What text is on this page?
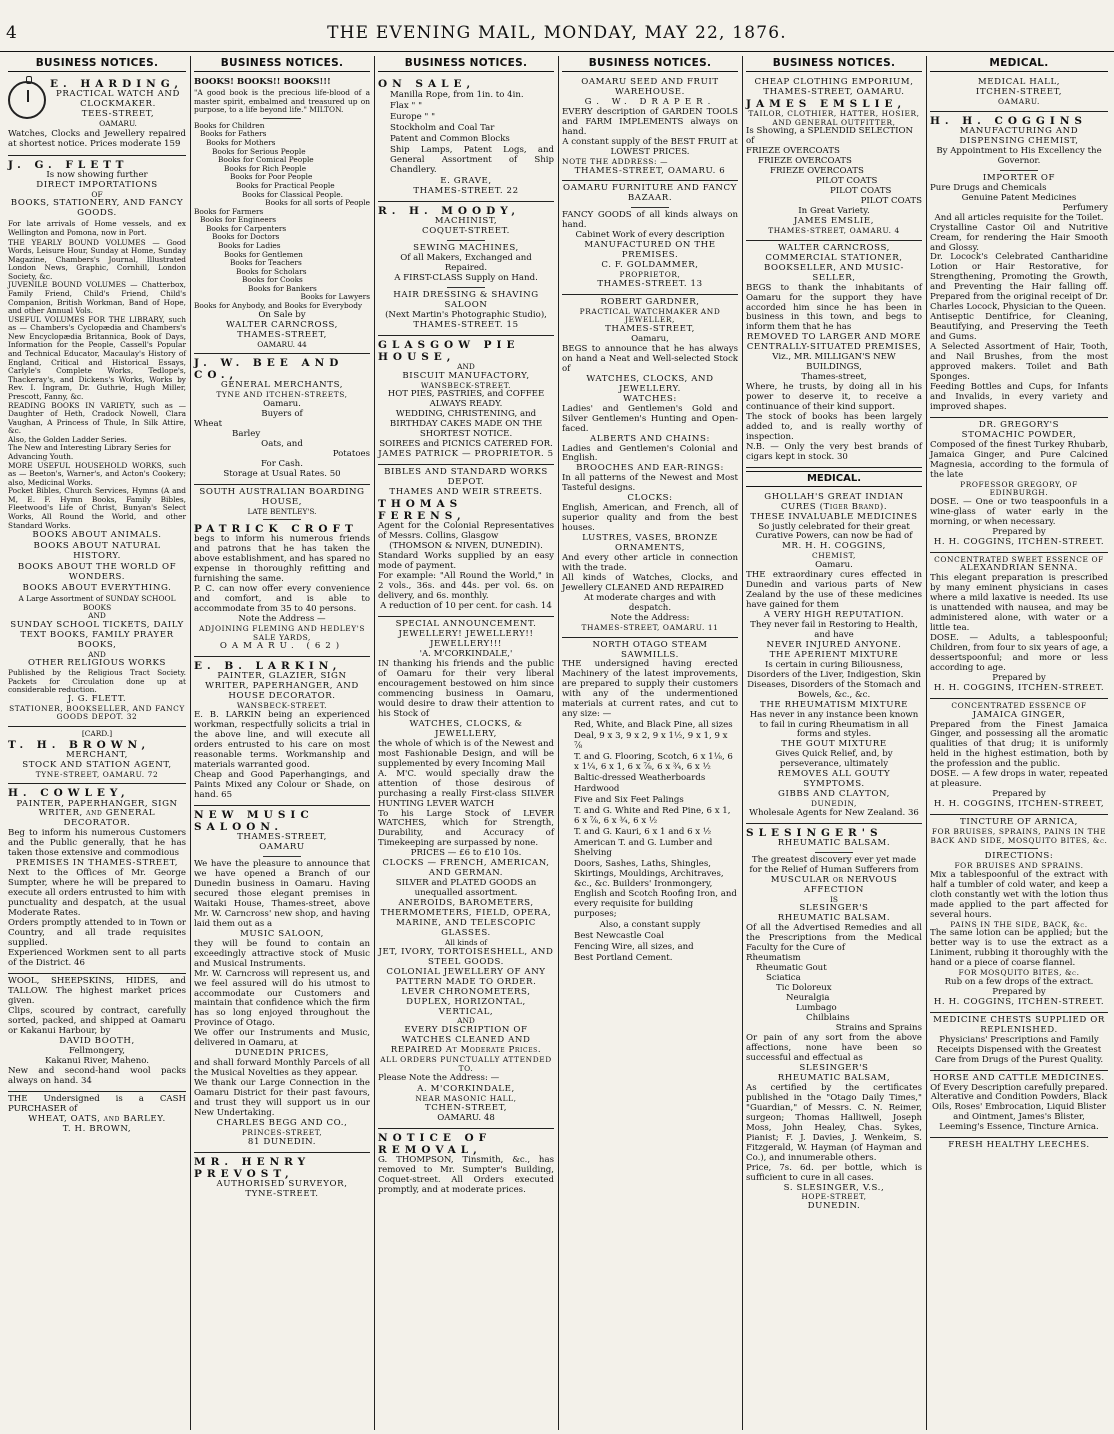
4	THE EVENING MAIL, MONDAY, MAY 22, 1876.
BUSINESS NOTICES.
E. HARDING,
PRACTICAL WATCH AND CLOCKMAKER.
TEES-STREET,
OAMARU.
Watches, Clocks and Jewellery repaired at shortest notice. Prices moderate 159
J. G. FLETT
Is now showing further
DIRECT IMPORTATIONS
OF
BOOKS, STATIONERY, AND FANCY GOODS.
For late arrivals of Home vessels, and ex Wellington and Pomona, now in Port.
THE YEARLY BOUND VOLUMES — Good Words, Leisure Hour, Sunday at Home, Sunday Magazine, Chambers's Journal, Illustrated London News, Graphic, Cornhill, London Society, &c.
JUVENILE BOUND VOLUMES — Chatterbox, Family Friend, Child's Friend, Child's Companion, British Workman, Band of Hope, and other Annual Vols.
USEFUL VOLUMES FOR THE LIBRARY, such as — Chambers's Cyclopædia and Chambers's New Encyclopædia Britannica, Book of Days, Information for the People, Cassell's Popular and Technical Educator, Macaulay's History of England, Critical and Historical Essays, Carlyle's Complete Works, Tedlope's, Thackeray's, and Dickens's Works, Works by Rev. I. Ingram, Dr. Guthrie, Hugh Miller, Prescott, Fanny, &c.
READING BOOKS IN VARIETY, such as — Daughter of Heth, Cradock Nowell, Clara Vaughan, A Princess of Thule, In Silk Attire, &c.
Also, the Golden Ladder Series.
The New and Interesting Library Series for Advancing Youth.
MORE USEFUL HOUSEHOLD WORKS, such as — Beeton's, Warner's, and Acton's Cookery; also, Medicinal Works.
Pocket Bibles, Church Services, Hymns (A and M, E. F. Hymn Books, Family Bibles, Fleetwood's Life of Christ, Bunyan's Select Works, All Round the World, and other Standard Works.
BOOKS ABOUT ANIMALS.
BOOKS ABOUT NATURAL HISTORY.
BOOKS ABOUT THE WORLD OF WONDERS.
BOOKS ABOUT EVERYTHING.
A Large Assortment of SUNDAY SCHOOL BOOKS
AND
SUNDAY SCHOOL TICKETS, DAILY TEXT BOOKS, FAMILY PRAYER BOOKS,
AND
OTHER RELIGIOUS WORKS
Published by the Religious Tract Society. Packets for Circulation done up at considerable reduction.
J. G. FLETT.
STATIONER, BOOKSELLER, AND FANCY GOODS DEPOT. 32
[CARD.]
T. H. BROWN,
MERCHANT,
STOCK AND STATION AGENT,
TYNE-STREET, OAMARU. 72
H. COWLEY,
PAINTER, PAPERHANGER, SIGN WRITER, and GENERAL DECORATOR.
Beg to inform his numerous Customers and the Public generally, that he has taken those extensive and commodious
PREMISES IN THAMES-STREET,
Next to the Offices of Mr. George Sumpter, where he will be prepared to execute all orders entrusted to him with punctuality and despatch, at the usual Moderate Rates.
Orders promptly attended to in Town or Country, and all trade requisites supplied.
Experienced Workmen sent to all parts of the District. 46
WOOL, SHEEPSKINS, HIDES, and TALLOW. The highest market prices given.
Clips, scoured by contract, carefully sorted, packed, and shipped at Oamaru or Kakanui Harbour, by
DAVID BOOTH,
Fellmongery,
Kakanui River, Maheno.
New and second-hand wool packs always on hand. 34
THE Undersigned is a CASH PURCHASER of
WHEAT, OATS, and BARLEY.
T. H. BROWN,
BUSINESS NOTICES.
BOOKS! BOOKS!! BOOKS!!!
"A good book is the precious life-blood of a master spirit, embalmed and treasured up on purpose, to a life beyond life." MILTON.
Books for Children
Books for Fathers
Books for Mothers
Books for Serious People
Books for Comical People
Books for Rich People
Books for Poor People
Books for Practical People
Books for Classical People.
Books for all sorts of People
Books for Farmers
Books for Engineers
Books for Carpenters
Books for Doctors
Books for Ladies
Books for Gentlemen
Books for Teachers
Books for Scholars
Books for Cooks
Books for Bankers
Books for Lawyers
Books for Anybody, and Books for Everybody
On Sale by
WALTER CARNCROSS,
THAMES-STREET,
OAMARU. 44
J. W. BEE AND CO.,
GENERAL MERCHANTS,
TYNE AND ITCHEN-STREETS,
Oamaru.
Buyers of
Wheat
Barley
Oats, and
Potatoes
For Cash.
Storage at Usual Rates. 50
SOUTH AUSTRALIAN BOARDING HOUSE,
LATE BENTLEY'S.
PATRICK CROFT
begs to inform his numerous friends and patrons that he has taken the above establishment, and has spared no expense in thoroughly refitting and furnishing the same.
P. C. can now offer every convenience and comfort, and is able to accommodate from 35 to 40 persons.
Note the Address —
ADJOINING FLEMING AND HEDLEY'S SALE YARDS,
OAMARU. (62)
E. B. LARKIN,
PAINTER, GLAZIER, SIGN WRITER, PAPERHANGER, AND HOUSE DECORATOR.
WANSBECK-STREET.
E. B. LARKIN being an experienced workman, respectfully solicits a trial in the above line, and will execute all orders entrusted to his care on most reasonable terms. Workmanship and materials warranted good.
Cheap and Good Paperhangings, and Paints Mixed any Colour or Shade, on hand. 65
NEW MUSIC SALOON.
THAMES-STREET,
OAMARU
We have the pleasure to announce that we have opened a Branch of our Dunedin business in Oamaru. Having secured those elegant premises in Waitaki House, Thames-street, above Mr. W. Carncross' new shop, and having laid them out as a
MUSIC SALOON,
they will be found to contain an exceedingly attractive stock of Music and Musical Instruments.
Mr. W. Carncross will represent us, and we feel assured will do his utmost to accommodate our Customers and maintain that confidence which the firm has so long enjoyed throughout the Province of Otago.
We offer our Instruments and Music, delivered in Oamaru, at
DUNEDIN PRICES,
and shall forward Monthly Parcels of all the Musical Novelties as they appear.
We thank our Large Connection in the Oamaru District for their past favours, and trust they will support us in our New Undertaking.
CHARLES BEGG AND CO.,
PRINCES-STREET,
81 DUNEDIN.
MR. HENRY PREVOST,
AUTHORISED SURVEYOR,
TYNE-STREET.
BUSINESS NOTICES.
ON SALE,
Manilla Rope, from 1in. to 4in.
Flax " "
Europe " "
Stockholm and Coal Tar
Patent and Common Blocks
Ship Lamps, Patent Logs, and General Assortment of Ship Chandlery.
E. GRAVE,
THAMES-STREET. 22
R. H. MOODY,
MACHINIST,
COQUET-STREET.
SEWING MACHINES,
Of all Makers, Exchanged and Repaired.
A FIRST-CLASS Supply on Hand.
HAIR DRESSING & SHAVING SALOON
(Next Martin's Photographic Studio),
THAMES-STREET. 15
GLASGOW PIE HOUSE,
AND
BISCUIT MANUFACTORY,
WANSBECK-STREET.
HOT PIES, PASTRIES, and COFFEE ALWAYS READY.
WEDDING, CHRISTENING, and BIRTHDAY CAKES MADE ON THE SHORTEST NOTICE.
SOIREES and PICNICS CATERED FOR.
JAMES PATRICK — PROPRIETOR. 5
BIBLES AND STANDARD WORKS DEPOT.
THAMES AND WEIR STREETS.
THOMAS FERENS,
Agent for the Colonial Representatives of Messrs. Collins, Glasgow
(THOMSON & NIVEN, DUNEDIN).
Standard Works supplied by an easy mode of payment.
For example: "All Round the World," in 2 vols., 36s. and 44s. per vol. 6s. on delivery, and 6s. monthly.
A reduction of 10 per cent. for cash. 14
SPECIAL ANNOUNCEMENT.
JEWELLERY! JEWELLERY!! JEWELLERY!!!
'A. M'CORKINDALE,'
IN thanking his friends and the public of Oamaru for their very liberal encouragement bestowed on him since commencing business in Oamaru, would desire to draw their attention to his Stock of
WATCHES, CLOCKS, & JEWELLERY,
the whole of which is of the Newest and most Fashionable Design, and will be supplemented by every Incoming Mail
A. M'C. would specially draw the attention of those desirous of purchasing a really First-class SILVER HUNTING LEVER WATCH
To his Large Stock of LEVER WATCHES, which for Strength, Durability, and Accuracy of Timekeeping are surpassed by none.
PRICES — £6 to £10 10s.
CLOCKS — FRENCH, AMERICAN, AND GERMAN.
SILVER and PLATED GOODS an unequalled assortment.
ANEROIDS, BAROMETERS, THERMOMETERS, FIELD, OPERA, MARINE, AND TELESCOPIC GLASSES.
All kinds of
JET, IVORY, TORTOISESHELL, AND STEEL GOODS.
COLONIAL JEWELLERY OF ANY PATTERN MADE TO ORDER.
LEVER CHRONOMETERS, DUPLEX, HORIZONTAL, VERTICAL,
AND
EVERY DISCRIPTION OF WATCHES CLEANED AND REPAIRED At Moderate Prices.
ALL ORDERS PUNCTUALLY ATTENDED TO.
Please Note the Address: —
A. M'CORKINDALE,
NEAR MASONIC HALL,
TCHEN-STREET,
OAMARU. 48
NOTICE OF REMOVAL,
G. THOMPSON, Tinsmith, &c., has removed to Mr. Sumpter's Building, Coquet-street. All Orders executed promptly, and at moderate prices.
BUSINESS NOTICES.
OAMARU SEED AND FRUIT WAREHOUSE.
G. W. DRAPER.
EVERY description of GARDEN TOOLS and FARM IMPLEMENTS always on hand.
A constant supply of the BEST FRUIT at LOWEST PRICES.
NOTE THE ADDRESS: —
THAMES-STREET, OAMARU. 6
OAMARU FURNITURE AND FANCY BAZAAR.
FANCY GOODS of all kinds always on hand.
Cabinet Work of every description
MANUFACTURED ON THE PREMISES.
C. F. GOLDAMMER,
PROPRIETOR,
THAMES-STREET. 13
ROBERT GARDNER,
PRACTICAL WATCHMAKER AND JEWELLER,
THAMES-STREET,
Oamaru,
BEGS to announce that he has always on hand a Neat and Well-selected Stock of
WATCHES, CLOCKS, AND JEWELLERY.
WATCHES:
Ladies' and Gentlemen's Gold and Silver Gentlemen's Hunting and Open-faced.
ALBERTS AND CHAINS:
Ladies and Gentlemen's Colonial and English.
BROOCHES AND EAR-RINGS:
In all patterns of the Newest and Most Tasteful designs.
CLOCKS:
English, American, and French, all of superior quality and from the best houses.
LUSTRES, VASES, BRONZE ORNAMENTS,
And every other article in connection with the trade.
All kinds of Watches, Clocks, and Jewellery CLEANED AND REPAIRED
At moderate charges and with despatch.
Note the Address:
THAMES-STREET, OAMARU. 11
NORTH OTAGO STEAM SAWMILLS.
THE undersigned having erected Machinery of the latest improvements, are prepared to supply their customers with any of the undermentioned materials at current rates, and cut to any size: —
Red, White, and Black Pine, all sizes
Deal, 9 x 3, 9 x 2, 9 x 1½, 9 x 1, 9 x ⅞
T. and G. Flooring, Scotch, 6 x 1⅛, 6 x 1¼, 6 x 1, 6 x ⅞, 6 x ¾, 6 x ½
Baltic-dressed Weatherboards
Hardwood
Five and Six Feet Palings
T. and G. White and Red Pine, 6 x 1, 6 x ⅞, 6 x ¾, 6 x ½
T. and G. Kauri, 6 x 1 and 6 x ½
American T. and G. Lumber and Shelving
Doors, Sashes, Laths, Shingles, Skirtings, Mouldings, Architraves, &c., &c. Builders' Ironmongery, English and Scotch Roofing Iron, and every requisite for building purposes;
Also, a constant supply
Best Newcastle Coal
Fencing Wire, all sizes, and
Best Portland Cement.
BUSINESS NOTICES.
CHEAP CLOTHING EMPORIUM, THAMES-STREET, OAMARU.
JAMES EMSLIE,
TAILOR, CLOTHIER, HATTER, HOSIER, AND GENERAL OUTFITTER,
Is Showing, a SPLENDID SELECTION of
FRIEZE OVERCOATS
FRIEZE OVERCOATS
FRIEZE OVERCOATS
PILOT COATS
PILOT COATS
PILOT COATS
In Great Variety.
JAMES EMSLIE,
THAMES-STREET, OAMARU. 4
WALTER CARNCROSS,
COMMERCIAL STATIONER, BOOKSELLER, AND MUSIC-SELLER,
BEGS to thank the inhabitants of Oamaru for the support they have accorded him since he has been in business in this town, and begs to inform them that he has
REMOVED TO LARGER AND MORE CENTRALLY-SITUATED PREMISES,
Viz., MR. MILLIGAN'S NEW BUILDINGS,
Thames-street,
Where, he trusts, by doing all in his power to deserve it, to receive a continuance of their kind support.
The stock of books has been largely added to, and is really worthy of inspection.
N.B. — Only the very best brands of cigars kept in stock. 30
MEDICAL.
GHOLLAH'S GREAT INDIAN CURES (Tiger Brand).
THESE INVALUABLE MEDICINES
So justly celebrated for their great Curative Powers, can now be had of
MR. H. H. COGGINS,
CHEMIST,
Oamaru.
THE extraordinary cures effected in Dunedin and various parts of New Zealand by the use of these medicines have gained for them
A VERY HIGH REPUTATION.
They never fail in Restoring to Health, and have
NEVER INJURED ANYONE.
THE APERIENT MIXTURE
Is certain in curing Biliousness, Disorders of the Liver, Indigestion, Skin Diseases, Disorders of the Stomach and Bowels, &c., &c.
THE RHEUMATISM MIXTURE
Has never in any instance been known to fail in curing Rheumatism in all forms and styles.
THE GOUT MIXTURE
Gives Quick Relief, and, by perseverance, ultimately
REMOVES ALL GOUTY SYMPTOMS.
GIBBS AND CLAYTON,
DUNEDIN,
Wholesale Agents for New Zealand. 36
SLESINGER'S
RHEUMATIC BALSAM.
The greatest discovery ever yet made for the Relief of Human Sufferers from
MUSCULAR or NERVOUS AFFECTION
IS
SLESINGER'S
RHEUMATIC BALSAM.
Of all the Advertised Remedies and all the Prescriptions from the Medical Faculty for the Cure of
Rheumatism
Rheumatic Gout
Sciatica
Tic Doloreux
Neuralgia
Lumbago
Chilblains
Strains and Sprains
Or pain of any sort from the above affections, none have been so successful and effectual as
SLESINGER'S
RHEUMATIC BALSAM,
As certified by the certificates published in the "Otago Daily Times," "Guardian," of Messrs. C. N. Reimer, surgeon; Thomas Halliwell, Joseph Moss, John Healey, Chas. Sykes, Pianist; F. J. Davies, J. Wenkeim, S. Fitzgerald, W. Hayman (of Hayman and Co.), and innumerable others.
Price, 7s. 6d. per bottle, which is sufficient to cure in all cases.
S. SLESINGER, V.S.,
HOPE-STREET,
DUNEDIN.
MEDICAL.
MEDICAL HALL,
ITCHEN-STREET,
OAMARU.
H. H. COGGINS
MANUFACTURING AND DISPENSING CHEMIST,
By Appointment to His Excellency the Governor.
IMPORTER OF
Pure Drugs and Chemicals
Genuine Patent Medicines
Perfumery
And all articles requisite for the Toilet.
Crystalline Castor Oil and Nutritive Cream, for rendering the Hair Smooth and Glossy.
Dr. Locock's Celebrated Cantharidine Lotion or Hair Restorative, for Strengthening, Promoting the Growth, and Preventing the Hair falling off. Prepared from the original receipt of Dr. Charles Locock, Physician to the Queen.
Antiseptic Dentifrice, for Cleaning, Beautifying, and Preserving the Teeth and Gums.
A Selected Assortment of Hair, Tooth, and Nail Brushes, from the most approved makers. Toilet and Bath Sponges.
Feeding Bottles and Cups, for Infants and Invalids, in every variety and improved shapes.
DR. GREGORY'S
STOMACHIC POWDER,
Composed of the finest Turkey Rhubarb, Jamaica Ginger, and Pure Calcined Magnesia, according to the formula of the late
PROFESSOR GREGORY, OF EDINBURGH.
DOSE. — One or two teaspoonfuls in a wine-glass of water early in the morning, or when necessary.
Prepared by
H. H. COGGINS, ITCHEN-STREET.
CONCENTRATED SWEET ESSENCE OF
ALEXANDRIAN SENNA.
This elegant preparation is prescribed by many eminent physicians in cases where a mild laxative is needed. Its use is unattended with nausea, and may be administered alone, with water or a little tea.
DOSE. — Adults, a tablespoonful; Children, from four to six years of age, a dessertspoonful; and more or less according to age.
Prepared by
H. H. COGGINS, ITCHEN-STREET.
CONCENTRATED ESSENCE OF
JAMAICA GINGER,
Prepared from the Finest Jamaica Ginger, and possessing all the aromatic qualities of that drug; it is uniformly held in the highest estimation, both by the profession and the public.
DOSE. — A few drops in water, repeated at pleasure.
Prepared by
H. H. COGGINS, ITCHEN-STREET,
TINCTURE OF ARNICA,
FOR BRUISES, SPRAINS, PAINS IN THE BACK AND SIDE, MOSQUITO BITES, &c.
DIRECTIONS:
FOR BRUISES AND SPRAINS.
Mix a tablespoonful of the extract with half a tumbler of cold water, and keep a cloth constantly wet with the lotion thus made applied to the part affected for several hours.
PAINS IN THE SIDE, BACK, &c.
The same lotion can be applied; but the better way is to use the extract as a Liniment, rubbing it thoroughly with the hand or a piece of coarse flannel.
FOR MOSQUITO BITES, &c.
Rub on a few drops of the extract.
Prepared by
H. H. COGGINS, ITCHEN-STREET.
MEDICINE CHESTS SUPPLIED OR REPLENISHED.
Physicians' Prescriptions and Family Receipts Dispensed with the Greatest Care from Drugs of the Purest Quality.
HORSE AND CATTLE MEDICINES.
Of Every Description carefully prepared. Alterative and Condition Powders, Black Oils, Roses' Embrocation, Liquid Blister and Ointment, James's Blister, Leeming's Essence, Tincture Arnica.
FRESH HEALTHY LEECHES.
